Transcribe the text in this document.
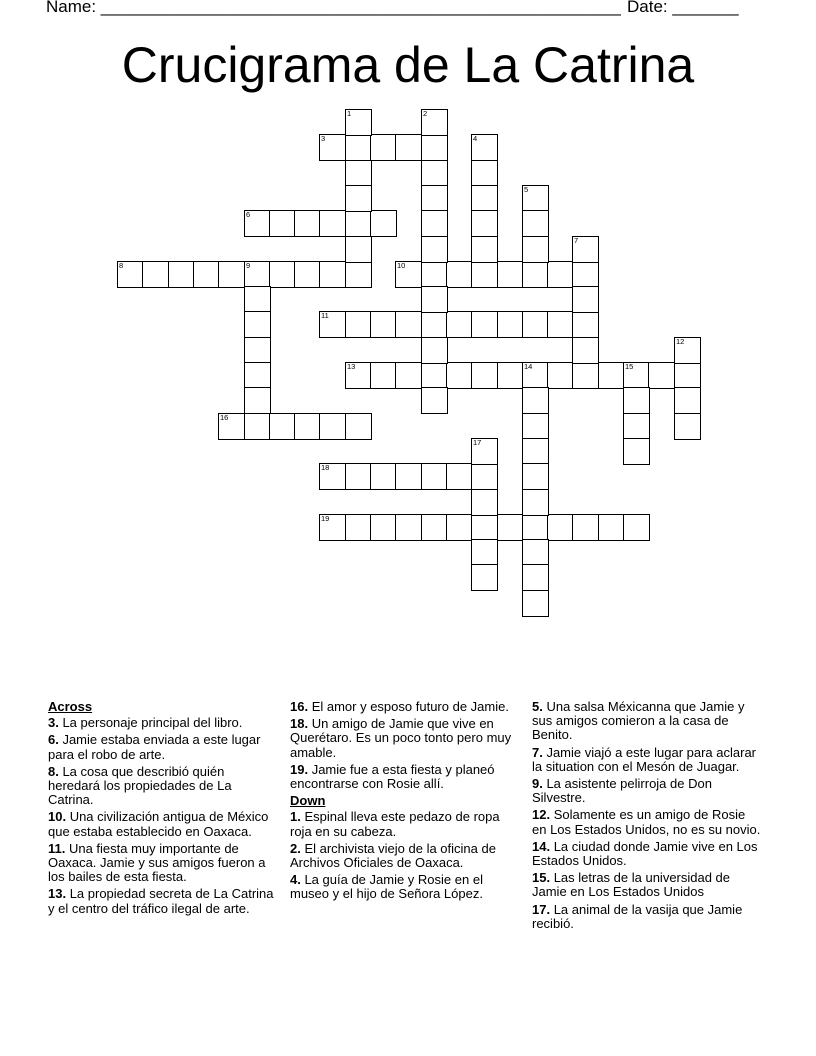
Name: _______________________________________________________ Date: _______
Crucigrama de La Catrina
3
6
8	9	10
11
13	14	15
16
18
19
1	2
4
5
7
12
17
Across
3. La personaje principal del libro.
6. Jamie estaba enviada a este lugar para el robo de arte.
8. La cosa que describió quién heredará los propiedades de La Catrina.
10. Una civilización antigua de México que estaba establecido en Oaxaca.
11. Una fiesta muy importante de Oaxaca. Jamie y sus amigos fueron a los bailes de esta fiesta.
13. La propiedad secreta de La Catrina y el centro del tráfico ilegal de arte.
16. El amor y esposo futuro de Jamie.
18. Un amigo de Jamie que vive en Querétaro. Es un poco tonto pero muy amable.
19. Jamie fue a esta fiesta y planeó encontrarse con Rosie allí.
Down
1. Espinal lleva este pedazo de ropa roja en su cabeza.
2. El archivista viejo de la oficina de Archivos Oficiales de Oaxaca.
4. La guía de Jamie y Rosie en el museo y el hijo de Señora López.
5. Una salsa Méxicanna que Jamie y sus amigos comieron a la casa de Benito.
7. Jamie viajó a este lugar para aclarar la situation con el Mesón de Juagar.
9. La asistente pelirroja de Don Silvestre.
12. Solamente es un amigo de Rosie en Los Estados Unidos, no es su novio.
14. La ciudad donde Jamie vive en Los Estados Unidos.
15. Las letras de la universidad de Jamie en Los Estados Unidos
17. La animal de la vasija que Jamie recibió.
